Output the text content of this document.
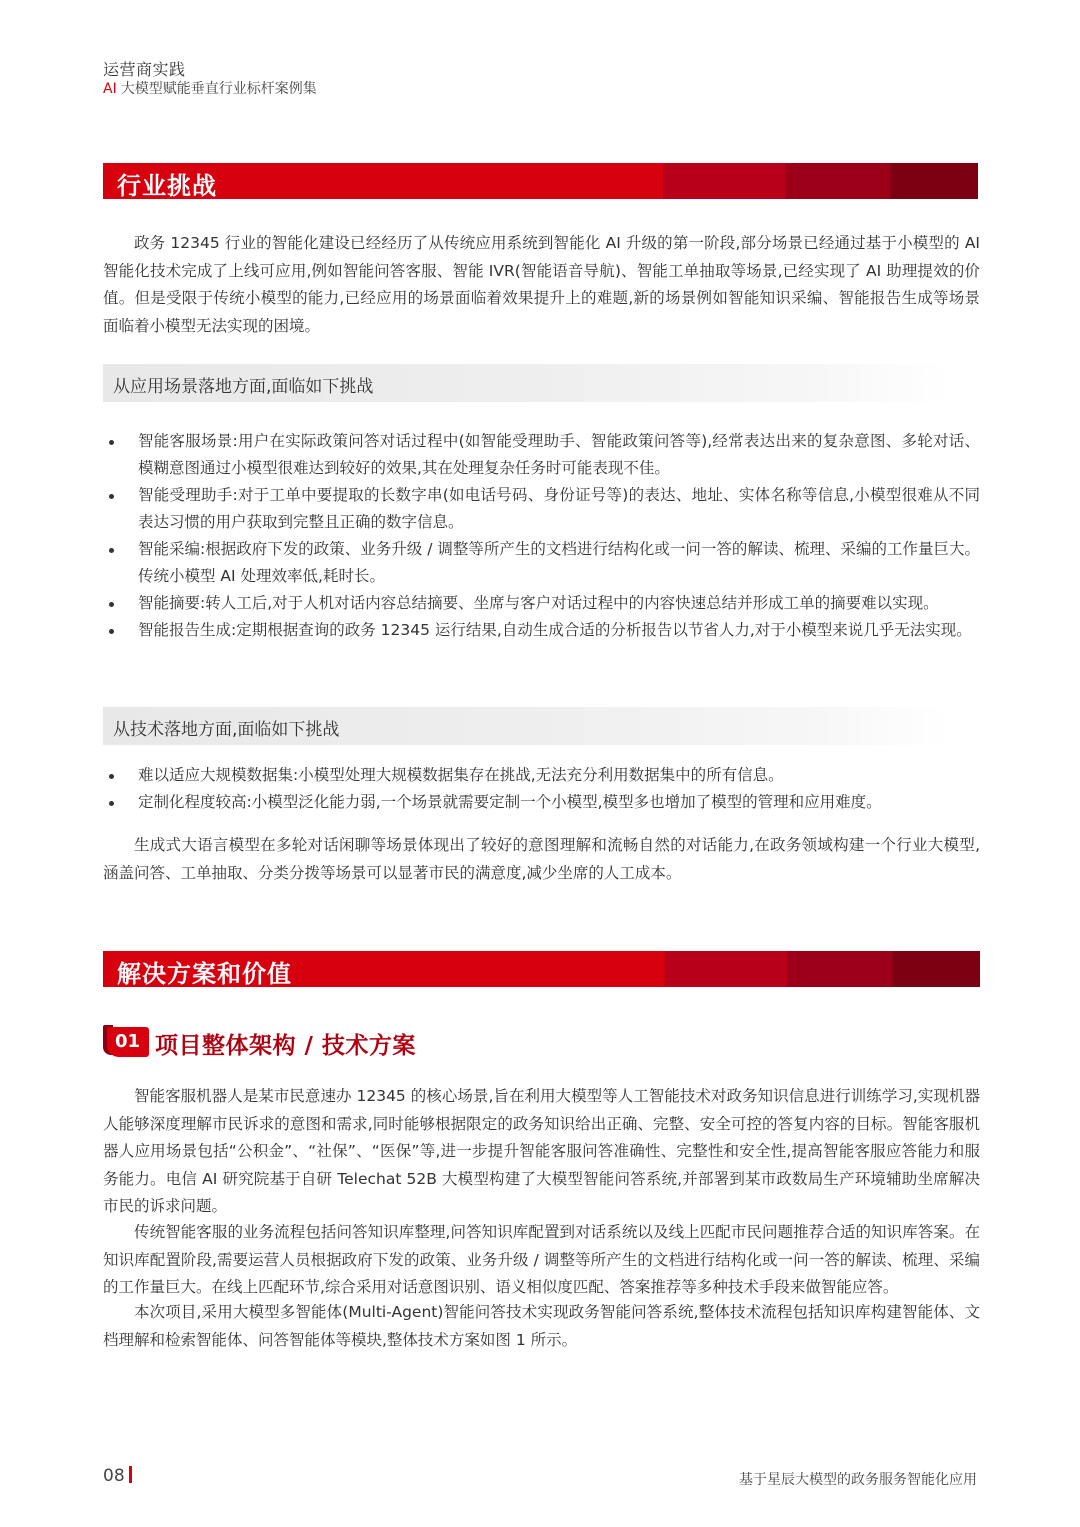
运营商实践
AI 大模型赋能垂直行业标杆案例集
行业挑战

政务 12345 行业的智能化建设已经经历了从传统应用系统到智能化 AI 升级的第一阶段,部分场景已经通过基于小模型的 AI 智能化技术完成了上线可应用,例如智能问答客服、智能 IVR(智能语音导航)、智能工单抽取等场景,已经实现了 AI 助理提效的价值。但是受限于传统小模型的能力,已经应用的场景面临着效果提升上的难题,新的场景例如智能知识采编、智能报告生成等场景面临着小模型无法实现的困境。

从应用场景落地方面,面临如下挑战
智能客服场景:用户在实际政策问答对话过程中(如智能受理助手、智能政策问答等),经常表达出来的复杂意图、多轮对话、模糊意图通过小模型很难达到较好的效果,其在处理复杂任务时可能表现不佳。
智能受理助手:对于工单中要提取的长数字串(如电话号码、身份证号等)的表达、地址、实体名称等信息,小模型很难从不同表达习惯的用户获取到完整且正确的数字信息。
智能采编:根据政府下发的政策、业务升级 / 调整等所产生的文档进行结构化或一问一答的解读、梳理、采编的工作量巨大。传统小模型 AI 处理效率低,耗时长。
智能摘要:转人工后,对于人机对话内容总结摘要、坐席与客户对话过程中的内容快速总结并形成工单的摘要难以实现。
智能报告生成:定期根据查询的政务 12345 运行结果,自动生成合适的分析报告以节省人力,对于小模型来说几乎无法实现。
从技术落地方面,面临如下挑战
难以适应大规模数据集:小模型处理大规模数据集存在挑战,无法充分利用数据集中的所有信息。
定制化程度较高:小模型泛化能力弱,一个场景就需要定制一个小模型,模型多也增加了模型的管理和应用难度。

生成式大语言模型在多轮对话闲聊等场景体现出了较好的意图理解和流畅自然的对话能力,在政务领域构建一个行业大模型,涵盖问答、工单抽取、分类分拨等场景可以显著市民的满意度,减少坐席的人工成本。

解决方案和价值
01 项目整体架构 / 技术方案

智能客服机器人是某市民意速办 12345 的核心场景,旨在利用大模型等人工智能技术对政务知识信息进行训练学习,实现机器人能够深度理解市民诉求的意图和需求,同时能够根据限定的政务知识给出正确、完整、安全可控的答复内容的目标。智能客服机器人应用场景包括“公积金”、“社保”、“医保”等,进一步提升智能客服问答准确性、完整性和安全性,提高智能客服应答能力和服务能力。电信 AI 研究院基于自研 Telechat 52B 大模型构建了大模型智能问答系统,并部署到某市政数局生产环境辅助坐席解决市民的诉求问题。

传统智能客服的业务流程包括问答知识库整理,问答知识库配置到对话系统以及线上匹配市民问题推荐合适的知识库答案。在知识库配置阶段,需要运营人员根据政府下发的政策、业务升级 / 调整等所产生的文档进行结构化或一问一答的解读、梳理、采编的工作量巨大。在线上匹配环节,综合采用对话意图识别、语义相似度匹配、答案推荐等多种技术手段来做智能应答。

本次项目,采用大模型多智能体(Multi-Agent)智能问答技术实现政务智能问答系统,整体技术流程包括知识库构建智能体、文档理解和检索智能体、问答智能体等模块,整体技术方案如图 1 所示。

08	基于星辰大模型的政务服务智能化应用
